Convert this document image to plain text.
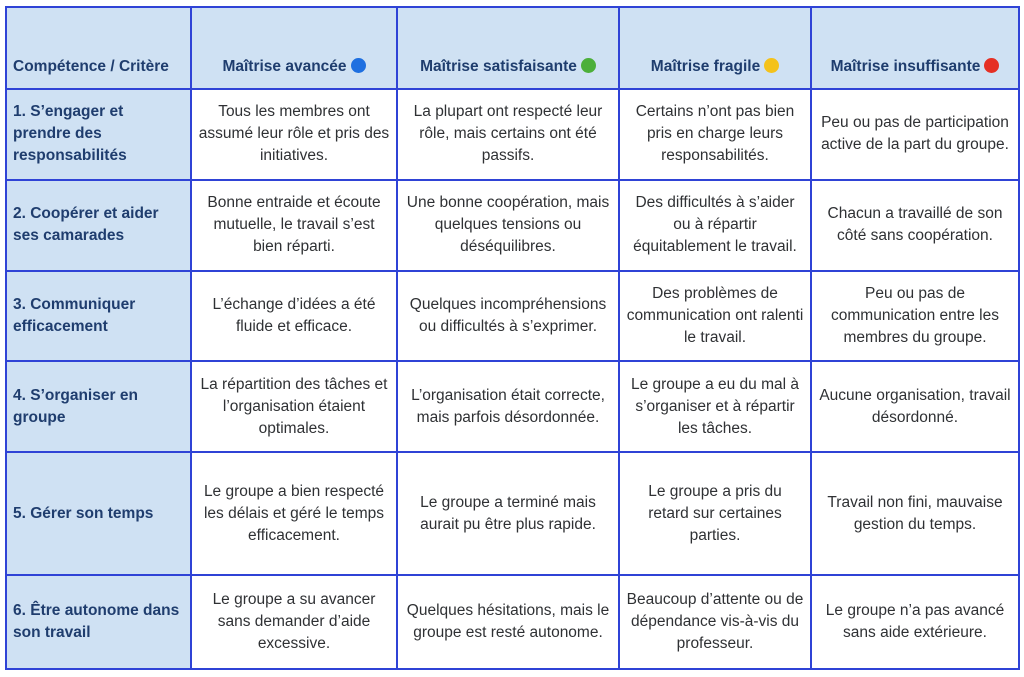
Compétence / Critère	Maîtrise avancée	Maîtrise satisfaisante	Maîtrise fragile	Maîtrise insuffisante
1. S’engager et prendre des responsabilités	Tous les membres ont assumé leur rôle et pris des initiatives.	La plupart ont respecté leur rôle, mais certains ont été passifs.	Certains n’ont pas bien pris en charge leurs responsabilités.	Peu ou pas de participation active de la part du groupe.
2. Coopérer et aider ses camarades	Bonne entraide et écoute mutuelle, le travail s’est bien réparti.	Une bonne coopération, mais quelques tensions ou déséquilibres.	Des difficultés à s’aider ou à répartir équitablement le travail.	Chacun a travaillé de son côté sans coopération.
3. Communiquer efficacement	L’échange d’idées a été fluide et efficace.	Quelques incompréhensions ou difficultés à s’exprimer.	Des problèmes de communication ont ralenti le travail.	Peu ou pas de communication entre les membres du groupe.
4. S’organiser en groupe	La répartition des tâches et l’organisation étaient optimales.	L’organisation était correcte, mais parfois désordonnée.	Le groupe a eu du mal à s’organiser et à répartir les tâches.	Aucune organisation, travail désordonné.
5. Gérer son temps	Le groupe a bien respecté les délais et géré le temps efficacement.	Le groupe a terminé mais aurait pu être plus rapide.	Le groupe a pris du retard sur certaines parties.	Travail non fini, mauvaise gestion du temps.
6. Être autonome dans son travail	Le groupe a su avancer sans demander d’aide excessive.	Quelques hésitations, mais le groupe est resté autonome.	Beaucoup d’attente ou de dépendance vis-à-vis du professeur.	Le groupe n’a pas avancé sans aide extérieure.
